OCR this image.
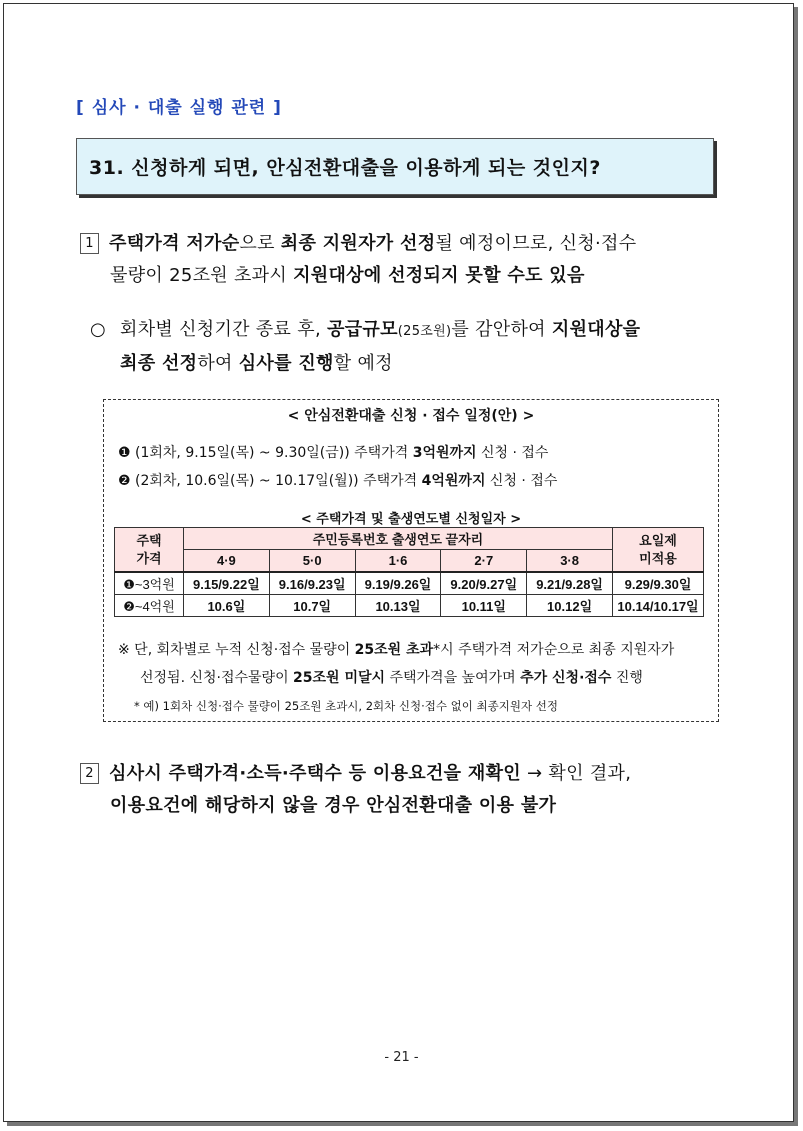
[ 심사 · 대출 실행 관련 ]
31. 신청하게 되면, 안심전환대출을 이용하게 되는 것인지?
1 주택가격 저가순으로 최종 지원자가 선정될 예정이므로, 신청·접수
물량이 25조원 초과시 지원대상에 선정되지 못할 수도 있음
○ 회차별 신청기간 종료 후, 공급규모(25조원)를 감안하여 지원대상을
최종 선정하여 심사를 진행할 예정
< 안심전환대출 신청 · 접수 일정(안) >
❶ (1회차, 9.15일(목) ~ 9.30일(금)) 주택가격 3억원까지 신청 · 접수
❷ (2회차, 10.6일(목) ~ 10.17일(월)) 주택가격 4억원까지 신청 · 접수
< 주택가격 및 출생연도별 신청일자 >
주택
가격	주민등록번호 출생연도 끝자리					요일제
미적용
	4·9	5·0	1·6	2·7	3·8	
❶~3억원	9.15/9.22일	9.16/9.23일	9.19/9.26일	9.20/9.27일	9.21/9.28일	9.29/9.30일
❷~4억원	10.6일	10.7일	10.13일	10.11일	10.12일	10.14/10.17일
※ 단, 회차별로 누적 신청·접수 물량이 25조원 초과*시 주택가격 저가순으로 최종 지원자가
선정됨. 신청·접수물량이 25조원 미달시 주택가격을 높여가며 추가 신청·접수 진행
* 예) 1회차 신청·접수 물량이 25조원 초과시, 2회차 신청·접수 없이 최종지원자 선정
2 심사시 주택가격·소득·주택수 등 이용요건을 재확인 → 확인 결과,
이용요건에 해당하지 않을 경우 안심전환대출 이용 불가
- 21 -
